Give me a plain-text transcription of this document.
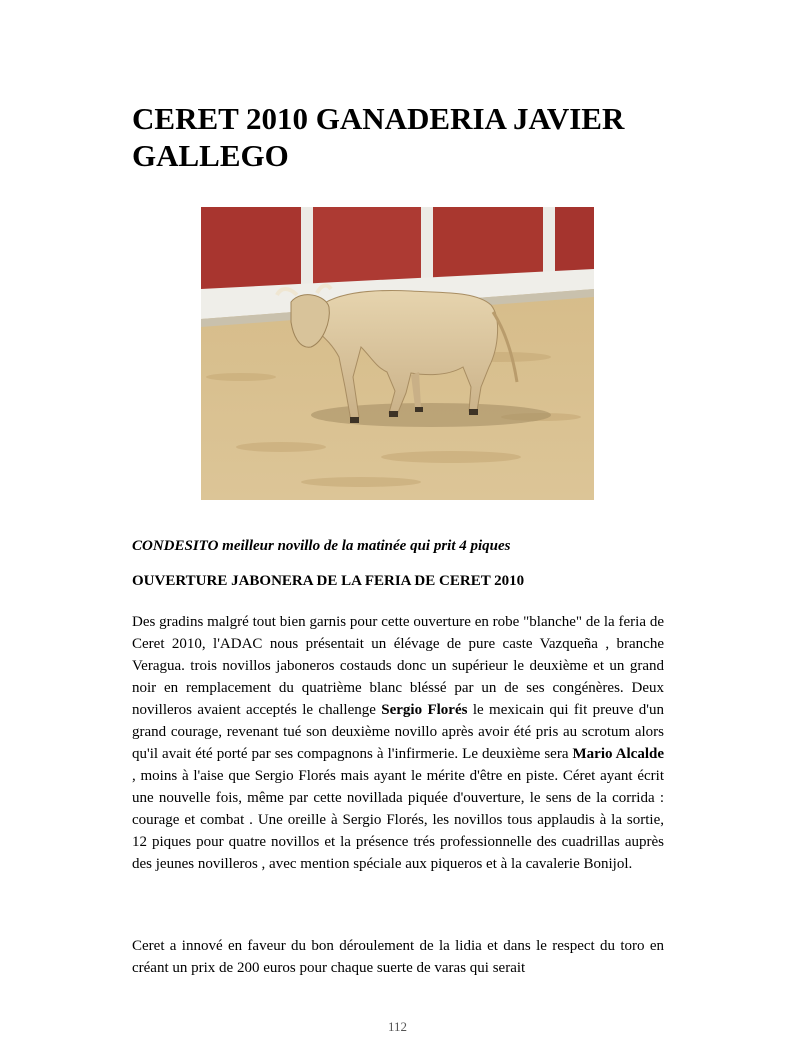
CERET 2010 GANADERIA JAVIER GALLEGO

CONDESITO meilleur novillo de la matinée qui prit 4 piques

OUVERTURE JABONERA DE LA FERIA DE CERET 2010

Des gradins malgré tout bien garnis pour cette ouverture en robe "blanche" de la feria de Ceret 2010, l'ADAC nous présentait un élévage de pure caste Vazqueña , branche Veragua. trois novillos jaboneros costauds donc un supérieur le deuxième et un grand noir en remplacement du quatrième blanc bléssé par un de ses congénères. Deux novilleros avaient acceptés le challenge Sergio Florés le mexicain qui fit preuve d'un grand courage, revenant tué son deuxième novillo après avoir été pris au scrotum alors qu'il avait été porté par ses compagnons à l'infirmerie. Le deuxième sera Mario Alcalde , moins à l'aise que Sergio Florés mais ayant le mérite d'être en piste. Céret ayant écrit une nouvelle fois, même par cette novillada piquée d'ouverture, le sens de la corrida : courage et combat . Une oreille à Sergio Florés, les novillos tous applaudis à la sortie, 12 piques pour quatre novillos et la présence trés professionnelle des cuadrillas auprès des jeunes novilleros , avec mention spéciale aux piqueros et à la cavalerie Bonijol.

Ceret a innové en faveur du bon déroulement de la lidia et dans le respect du toro en créant un prix de 200 euros pour chaque suerte de varas qui serait

112
